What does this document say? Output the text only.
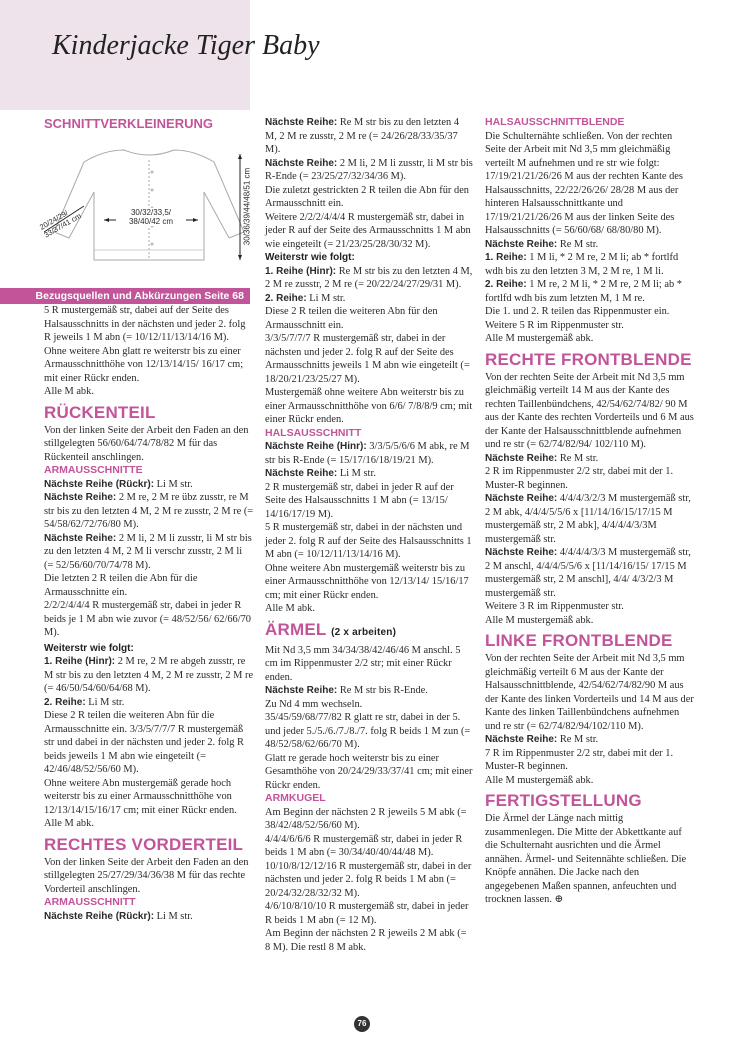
Kinderjacke Tiger Baby
SCHNITTVERKLEINERUNG
30/32/33,5/ 38/40/42 cm
20/24/29/ 33/37/41 cm	30/36/39/44/48/51 cm

5 R mustergemäß str, dabei auf der Seite des Halsausschnitts in der nächsten und jeder 2. folg R jeweils 1 M abn (= 10/12/11/13/14/16 M). Ohne weitere Abn glatt re weiterstr bis zu einer Armausschnitthöhe von 12/13/14/15/ 16/17 cm; mit einer Rückr enden.

Alle M abk.

RÜCKENTEIL

Von der linken Seite der Arbeit den Faden an den stillgelegten 56/60/64/74/78/82 M für das Rückenteil anschlingen.

ARMAUSSCHNITTE

Nächste Reihe (Rückr): Li M str.

Nächste Reihe: 2 M re, 2 M re übz zusstr, re M str bis zu den letzten 4 M, 2 M re zusstr, 2 M re (= 54/58/62/72/76/80 M).

Nächste Reihe: 2 M li, 2 M li zusstr, li M str bis zu den letzten 4 M, 2 M li verschr zusstr, 2 M li (= 52/56/60/70/74/78 M).

Die letzten 2 R teilen die Abn für die Armausschnitte ein.

2/2/2/4/4/4 R mustergemäß str, dabei in jeder R beids je 1 M abn wie zuvor (= 48/52/56/ 62/66/70 M).

Weiterstr wie folgt:

1. Reihe (Hinr): 2 M re, 2 M re abgeh zusstr, re M str bis zu den letzten 4 M, 2 M re zusstr, 2 M re (= 46/50/54/60/64/68 M).

2. Reihe: Li M str.

Diese 2 R teilen die weiteren Abn für die Armausschnitte ein. 3/3/5/7/7/7 R mustergemäß str und dabei in der nächsten und jeder 2. folg R beids jeweils 1 M abn wie eingeteilt (= 42/46/48/52/56/60 M).

Ohne weitere Abn mustergemäß gerade hoch weiterstr bis zu einer Armausschnitthöhe von 12/13/14/15/16/17 cm; mit einer Rückr enden.

Alle M abk.

RECHTES VORDERTEIL

Von der linken Seite der Arbeit den Faden an den stillgelegten 25/27/29/34/36/38 M für das rechte Vorderteil anschlingen.

ARMAUSSCHNITT

Nächste Reihe (Rückr): Li M str.

Bezugsquellen und Abkürzungen Seite 68

Nächste Reihe: Re M str bis zu den letzten 4 M, 2 M re zusstr, 2 M re (= 24/26/28/33/35/37 M).

Nächste Reihe: 2 M li, 2 M li zusstr, li M str bis R-Ende (= 23/25/27/32/34/36 M).

Die zuletzt gestrickten 2 R teilen die Abn für den Armausschnitt ein.

Weitere 2/2/2/4/4/4 R mustergemäß str, dabei in jeder R auf der Seite des Armausschnitts 1 M abn wie eingeteilt (= 21/23/25/28/30/32 M).

Weiterstr wie folgt:

1. Reihe (Hinr): Re M str bis zu den letzten 4 M, 2 M re zusstr, 2 M re (= 20/22/24/27/29/31 M).

2. Reihe: Li M str.

Diese 2 R teilen die weiteren Abn für den Armausschnitt ein.

3/3/5/7/7/7 R mustergemäß str, dabei in der nächsten und jeder 2. folg R auf der Seite des Armausschnitts jeweils 1 M abn wie eingeteilt (= 18/20/21/23/25/27 M).

Mustergemäß ohne weitere Abn weiterstr bis zu einer Armausschnitthöhe von 6/6/ 7/8/8/9 cm; mit einer Rückr enden.

HALSAUSSCHNITT

Nächste Reihe (Hinr): 3/3/5/5/6/6 M abk, re M str bis R-Ende (= 15/17/16/18/19/21 M).

Nächste Reihe: Li M str.

2 R mustergemäß str, dabei in jeder R auf der Seite des Halsausschnitts 1 M abn (= 13/15/ 14/16/17/19 M).

5 R mustergemäß str, dabei in der nächsten und jeder 2. folg R auf der Seite des Halsausschnitts 1 M abn (= 10/12/11/13/14/16 M).

Ohne weitere Abn mustergemäß weiterstr bis zu einer Armausschnitthöhe von 12/13/14/ 15/16/17 cm; mit einer Rückr enden.

Alle M abk.

ÄRMEL (2 x arbeiten)

Mit Nd 3,5 mm 34/34/38/42/46/46 M anschl. 5 cm im Rippenmuster 2/2 str; mit einer Rückr enden.

Nächste Reihe: Re M str bis R-Ende.

Zu Nd 4 mm wechseln.

35/45/59/68/77/82 R glatt re str, dabei in der 5. und jeder 5./5./6./7./8./7. folg R beids 1 M zun (= 48/52/58/62/66/70 M).

Glatt re gerade hoch weiterstr bis zu einer Gesamthöhe von 20/24/29/33/37/41 cm; mit einer Rückr enden.

ARMKUGEL

Am Beginn der nächsten 2 R jeweils 5 M abk (= 38/42/48/52/56/60 M).

4/4/4/6/6/6 R mustergemäß str, dabei in jeder R beids 1 M abn (= 30/34/40/40/44/48 M).

10/10/8/12/12/16 R mustergemäß str, dabei in der nächsten und jeder 2. folg R beids 1 M abn (= 20/24/32/28/32/32 M).

4/6/10/8/10/10 R mustergemäß str, dabei in jeder R beids 1 M abn (= 12 M).

Am Beginn der nächsten 2 R jeweils 2 M abk (= 8 M). Die restl 8 M abk.

HALSAUSSCHNITTBLENDE

Die Schulternähte schließen. Von der rechten Seite der Arbeit mit Nd 3,5 mm gleichmäßig verteilt M aufnehmen und re str wie folgt: 17/19/21/21/26/26 M aus der rechten Kante des Halsausschnitts, 22/22/26/26/ 28/28 M aus der hinteren Halsausschnittkante und 17/19/21/21/26/26 M aus der linken Seite des Halsausschnitts (= 56/60/68/ 68/80/80 M).

Nächste Reihe: Re M str.

1. Reihe: 1 M li, * 2 M re, 2 M li; ab * fortlfd wdh bis zu den letzten 3 M, 2 M re, 1 M li.

2. Reihe: 1 M re, 2 M li, * 2 M re, 2 M li; ab * fortlfd wdh bis zum letzten M, 1 M re.

Die 1. und 2. R teilen das Rippenmuster ein. Weitere 5 R im Rippenmuster str.

Alle M mustergemäß abk.

RECHTE FRONTBLENDE

Von der rechten Seite der Arbeit mit Nd 3,5 mm gleichmäßig verteilt 14 M aus der Kante des rechten Taillenbündchens, 42/54/62/74/82/ 90 M aus der Kante des rechten Vorderteils und 6 M aus der Kante der Halsausschnittblende aufnehmen und re str (= 62/74/82/94/ 102/110 M).

Nächste Reihe: Re M str.

2 R im Rippenmuster 2/2 str, dabei mit der 1. Muster-R beginnen.

Nächste Reihe: 4/4/4/3/2/3 M mustergemäß str, 2 M abk, 4/4/4/5/5/6 x [11/14/16/15/17/15 M mustergemäß str, 2 M abk], 4/4/4/4/3/3M mustergemäß str.

Nächste Reihe: 4/4/4/4/3/3 M mustergemäß str, 2 M anschl, 4/4/4/5/5/6 x [11/14/16/15/ 17/15 M mustergemäß str, 2 M anschl], 4/4/ 4/3/2/3 M mustergemäß str.

Weitere 3 R im Rippenmuster str.

Alle M mustergemäß abk.

LINKE FRONTBLENDE

Von der rechten Seite der Arbeit mit Nd 3,5 mm gleichmäßig verteilt 6 M aus der Kante der Halsausschnittblende, 42/54/62/74/82/90 M aus der Kante des linken Vorderteils und 14 M aus der Kante des linken Taillenbündchens aufnehmen und re str (= 62/74/82/94/102/110 M).

Nächste Reihe: Re M str.

7 R im Rippenmuster 2/2 str, dabei mit der 1. Muster-R beginnen.

Alle M mustergemäß abk.

FERTIGSTELLUNG

Die Ärmel der Länge nach mittig zusammenlegen. Die Mitte der Abkettkante auf die Schulternaht ausrichten und die Ärmel annähen. Ärmel- und Seitennähte schließen. Die Knöpfe annähen. Die Jacke nach den angegebenen Maßen spannen, anfeuchten und trocknen lassen. ⊕

76
